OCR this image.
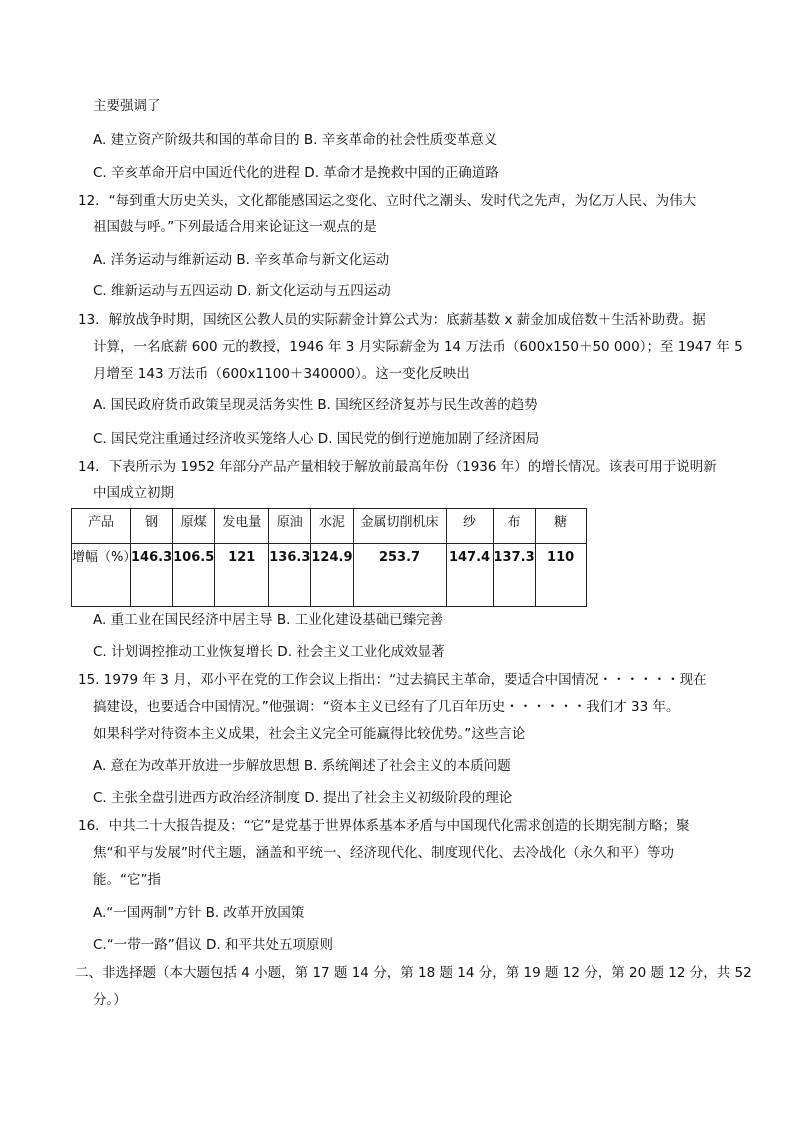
主要强调了
A. 建立资产阶级共和国的革命目的 B. 辛亥革命的社会性质变革意义
C. 辛亥革命开启中国近代化的进程 D. 革命才是挽救中国的正确道路
12．“每到重大历史关头，文化都能感国运之变化、立时代之潮头、发时代之先声，为亿万人民、为伟大
祖国鼓与呼。”下列最适合用来论证这一观点的是
A. 洋务运动与维新运动 B. 辛亥革命与新文化运动
C. 维新运动与五四运动 D. 新文化运动与五四运动
13．解放战争时期，国统区公教人员的实际薪金计算公式为：底薪基数 x 薪金加成倍数＋生活补助费。据
计算，一名底薪 600 元的教授，1946 年 3 月实际薪金为 14 万法币（600x150＋50 000）；至 1947 年 5
月增至 143 万法币（600x1100＋340000）。这一变化反映出
A. 国民政府货币政策呈现灵活务实性 B. 国统区经济复苏与民生改善的趋势
C. 国民党注重通过经济收买笼络人心 D. 国民党的倒行逆施加剧了经济困局
14．下表所示为 1952 年部分产品产量相较于解放前最高年份（1936 年）的增长情况。该表可用于说明新
中国成立初期
产品	钢	原煤	发电量	原油	水泥	金属切削机床	纱	布	糖
增幅（%）	146.3	106.5	121	136.3	124.9	253.7	147.4	137.3	110
A. 重工业在国民经济中居主导 B. 工业化建设基础已臻完善
C. 计划调控推动工业恢复增长 D. 社会主义工业化成效显著
15. 1979 年 3 月，邓小平在党的工作会议上指出：“过去搞民主革命，要适合中国情况・・・・・・现在
搞建设，也要适合中国情况。”他强调：“资本主义已经有了几百年历史・・・・・・我们才 33 年。
如果科学对待资本主义成果，社会主义完全可能赢得比较优势。”这些言论
A. 意在为改革开放进一步解放思想 B. 系统阐述了社会主义的本质问题
C. 主张全盘引进西方政治经济制度 D. 提出了社会主义初级阶段的理论
16．中共二十大报告提及：“它”是党基于世界体系基本矛盾与中国现代化需求创造的长期宪制方略；聚
焦“和平与发展”时代主题，涵盖和平统一、经济现代化、制度现代化、去冷战化（永久和平）等功
能。“它”指
A.“一国两制”方针 B. 改革开放国策
C.“一带一路”倡议 D. 和平共处五项原则
二、非选择题（本大题包括 4 小题，第 17 题 14 分，第 18 题 14 分，第 19 题 12 分，第 20 题 12 分，共 52
分。）
